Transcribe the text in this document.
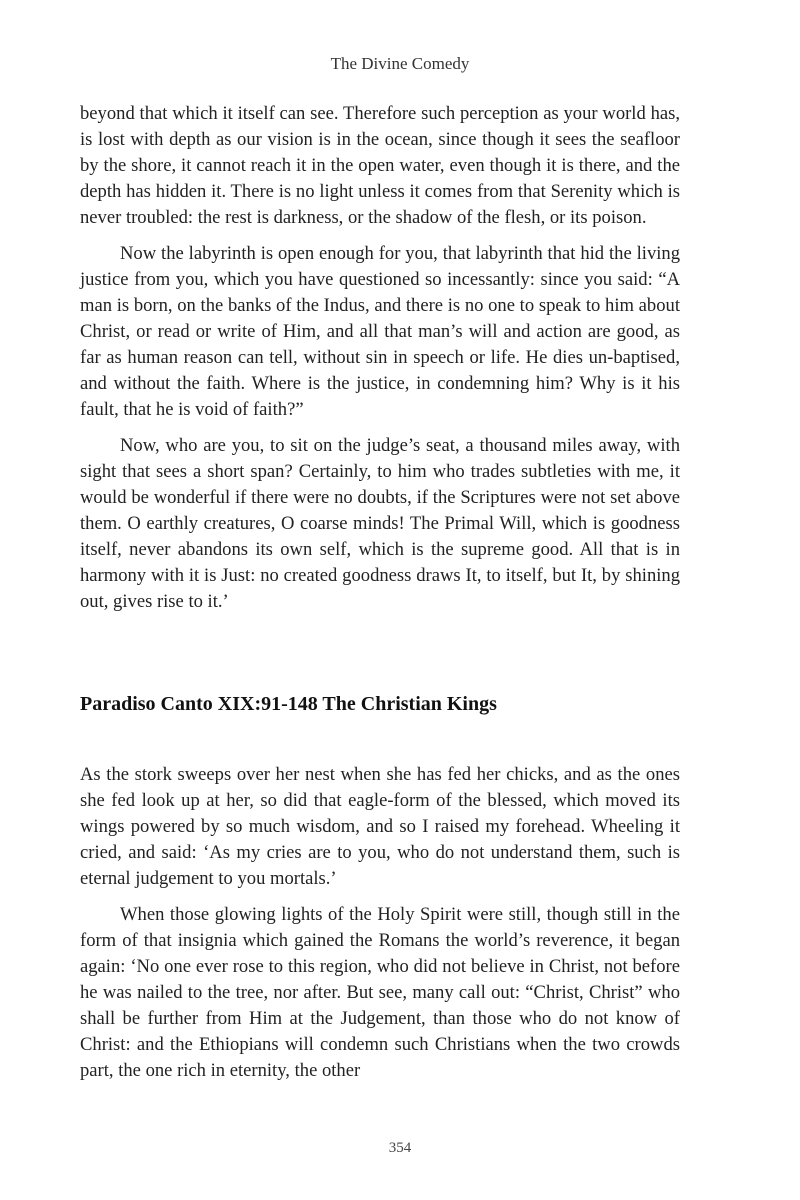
The Divine Comedy

beyond that which it itself can see. Therefore such perception as your world has, is lost with depth as our vision is in the ocean, since though it sees the seafloor by the shore, it cannot reach it in the open water, even though it is there, and the depth has hidden it. There is no light unless it comes from that Serenity which is never troubled: the rest is darkness, or the shadow of the flesh, or its poison.

Now the labyrinth is open enough for you, that labyrinth that hid the living justice from you, which you have questioned so incessantly: since you said: “A man is born, on the banks of the Indus, and there is no one to speak to him about Christ, or read or write of Him, and all that man’s will and action are good, as far as human reason can tell, without sin in speech or life. He dies un-baptised, and without the faith. Where is the justice, in condemning him? Why is it his fault, that he is void of faith?”

Now, who are you, to sit on the judge’s seat, a thousand miles away, with sight that sees a short span? Certainly, to him who trades subtleties with me, it would be wonderful if there were no doubts, if the Scriptures were not set above them. O earthly creatures, O coarse minds! The Primal Will, which is goodness itself, never abandons its own self, which is the supreme good. All that is in harmony with it is Just: no created goodness draws It, to itself, but It, by shining out, gives rise to it.’

Paradiso Canto XIX:91-148 The Christian Kings

As the stork sweeps over her nest when she has fed her chicks, and as the ones she fed look up at her, so did that eagle-form of the blessed, which moved its wings powered by so much wisdom, and so I raised my forehead. Wheeling it cried, and said: ‘As my cries are to you, who do not understand them, such is eternal judgement to you mortals.’

When those glowing lights of the Holy Spirit were still, though still in the form of that insignia which gained the Romans the world’s reverence, it began again: ‘No one ever rose to this region, who did not believe in Christ, not before he was nailed to the tree, nor after. But see, many call out: “Christ, Christ” who shall be further from Him at the Judgement, than those who do not know of Christ: and the Ethiopians will condemn such Christians when the two crowds part, the one rich in eternity, the other

354
